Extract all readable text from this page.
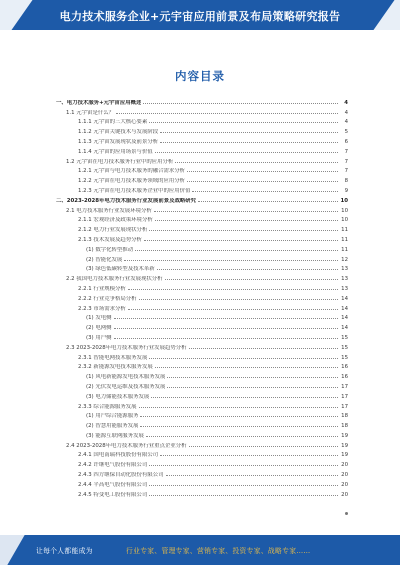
电力技术服务企业+元宇宙应用前景及布局策略研究报告
内容目录
一、电力技术服务+元宇宙应用概述	4
1.1 元宇宙是什么？	4
1.1.1 元宇宙的三大核心要素	4
1.1.2 元宇宙关键技术与发展阶段	5
1.1.3 元宇宙发展现状及前景分析	6
1.1.4 元宇宙的应用场景与价值	7
1.2 元宇宙在电力技术服务行业中的应用分析	7
1.2.1 元宇宙与电力技术服务的融合需求分析	7
1.2.2 元宇宙在电力技术服务领域的应用分析	8
1.2.3 元宇宙在电力技术服务企业中的应用价值	9
二、2023-2028年电力技术服务行业发展前景及战略研究	10
2.1 电力技术服务行业发展环境分析	10
2.1.1 宏观经济及政策环境分析	10
2.1.2 电力行业发展现状分析	11
2.1.3 技术发展及趋势分析	11
(1) 数字化转型推动	11
(2) 智能化发展	12
(3) 绿色低碳转型及技术革新	13
2.2 我国电力技术服务行业发展现状分析	13
2.2.1 行业规模分析	13
2.2.2 行业竞争格局分析	14
2.2.3 市场需求分析	14
(1) 发电侧	14
(2) 电网侧	14
(3) 用户侧	15
2.3 2023-2028年电力技术服务行业发展趋势分析	15
2.3.1 智能电网技术服务发展	15
2.3.2 新能源发电技术服务发展	16
(1) 风电新能源发电技术服务发展	16
(2) 光伏发电运维及技术服务发展	17
(3) 电力储能技术服务发展	17
2.3.3 综合能源服务发展	17
(1) 用户综合能源服务	18
(2) 智慧用能服务发展	18
(3) 能源互联网服务发展	19
2.4 2023-2028年电力技术服务行业重点企业分析	19
2.4.1 国电南瑞科技股份有限公司	19
2.4.2 许继电气股份有限公司	20
2.4.3 四方继保自动化股份有限公司	20
2.4.4 平高电气股份有限公司	20
2.4.5 特变电工股份有限公司	20
让每个人都能成为	行业专家、管理专家、营销专家、投资专家、战略专家……
